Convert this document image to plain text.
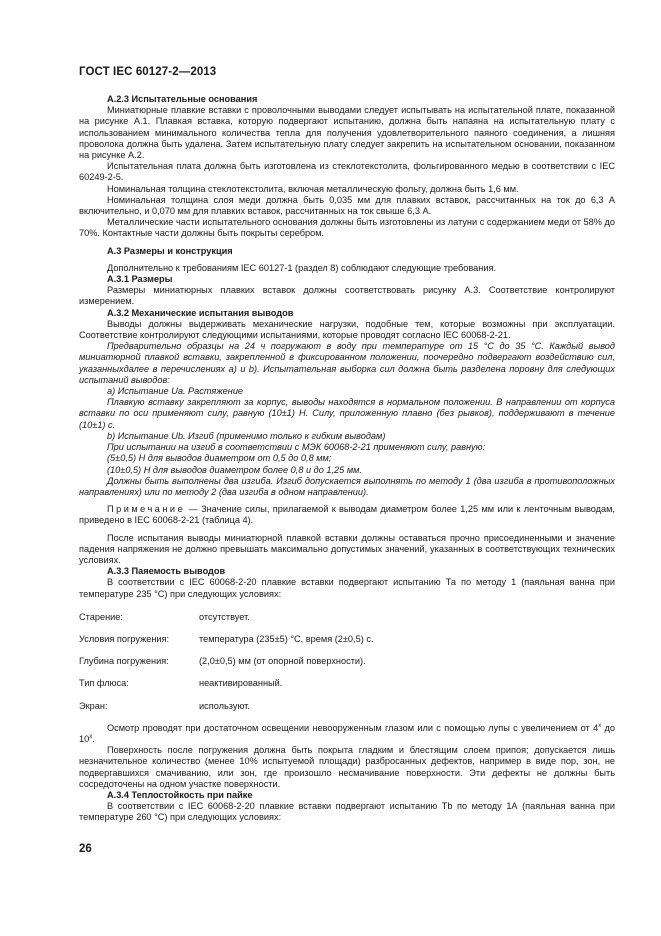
ГОСТ IEC 60127-2—2013

А.2.3 Испытательные основания

Миниатюрные плавкие вставки с проволочными выводами следует испытывать на испытательной плате, показанной на рисунке А.1. Плавкая вставка, которую подвергают испытанию, должна быть напаяна на испытательную плату с использованием минимального количества тепла для получения удовлетворительного паяного соединения, а лишняя проволока должна быть удалена. Затем испытательную плату следует закрепить на испытательном основании, показанном на рисунке А.2.

Испытательная плата должна быть изготовлена из стеклотекстолита, фольгированного медью в соответствии с IEC 60249-2-5.

Номинальная толщина стеклотекстолита, включая металлическую фольгу, должна быть 1,6 мм.

Номинальная толщина слоя меди должна быть 0,035 мм для плавких вставок, рассчитанных на ток до 6,3 А включительно, и 0,070 мм для плавких вставок, рассчитанных на ток свыше 6,3 А.

Металлические части испытательного основания должны быть изготовлены из латуни с содержанием меди от 58% до 70%. Контактные части должны быть покрыты серебром.

А.3 Размеры и конструкция

Дополнительно к требованиям IEC 60127-1 (раздел 8) соблюдают следующие требования.

А.3.1 Размеры

Размеры миниатюрных плавких вставок должны соответствовать рисунку А.3. Соответствие контролируют измерением.

А.3.2 Механические испытания выводов

Выводы должны выдерживать механические нагрузки, подобные тем, которые возможны при эксплуатации. Соответствие контролируют следующими испытаниями, которые проводят согласно IEC 60068-2-21.

Предварительно образцы на 24 ч погружают в воду при температуре от 15 °С до 35 °С. Каждый вывод миниатюрной плавкой вставки, закрепленной в фиксированном положении, поочередно подвергают воздействию сил, указанныхдалее в перечислениях а) и b). Испытательная выборка сил должна быть разделена поровну для следующих испытаний выводов:

а) Испытание Ua. Растяжение

Плавкую вставку закрепляют за корпус, выводы находятся в нормальном положении. В направлении от корпуса вставки по оси применяют силу, равную (10±1) Н. Силу, приложенную плавно (без рывков), поддерживают в течение (10±1) с.

b) Испытание Ub. Изгиб (применимо только к гибким выводам)

При испытании на изгиб в соответствии с МЭК 60068-2-21 применяют силу, равную:

(5±0,5) Н для выводов диаметром от 0,5 до 0,8 мм;

(10±0,5) Н для выводов диаметром более 0,8 и до 1,25 мм.

Должны быть выполнены два изгиба. Изгиб допускается выполнять по методу 1 (два изгиба в противоположных направлениях) или по методу 2 (два изгиба в одном направлении).

Примечание — Значение силы, прилагаемой к выводам диаметром более 1,25 мм или к ленточным выводам, приведено в IEC 60068-2-21 (таблица 4).

После испытания выводы миниатюрной плавкой вставки должны оставаться прочно присоединенными и значение падения напряжения не должно превышать максимально допустимых значений, указанных в соответствующих технических условиях.

А.3.3 Паяемость выводов

В соответствии с IEC 60068-2-20 плавкие вставки подвергают испытанию Та по методу 1 (паяльная ванна при температуре 235 °С) при следующих условиях:

Старение:	отсутствует.
Условия погружения:	температура (235±5) °С, время (2±0,5) с.
Глубина погружения:	(2,0±0,5) мм (от опорной поверхности).
Тип флюса:	неактивированный.
Экран:	используют.

Осмотр проводят при достаточном освещении невооруженным глазом или с помощью лупы с увеличением от 4$^x$ до 10$^x$.

Поверхность после погружения должна быть покрыта гладким и блестящим слоем припоя; допускается лишь незначительное количество (менее 10% испытуемой площади) разбросанных дефектов, например в виде пор, зон, не подвергавшихся смачиванию, или зон, где произошло несмачивание поверхности. Эти дефекты не должны быть сосредоточены на одном участке поверхности.

А.3.4 Теплостойкость при пайке

В соответствии с IEC 60068-2-20 плавкие вставки подвергают испытанию Tb по методу 1А (паяльная ванна при температуре 260 °С) при следующих условиях:

26
